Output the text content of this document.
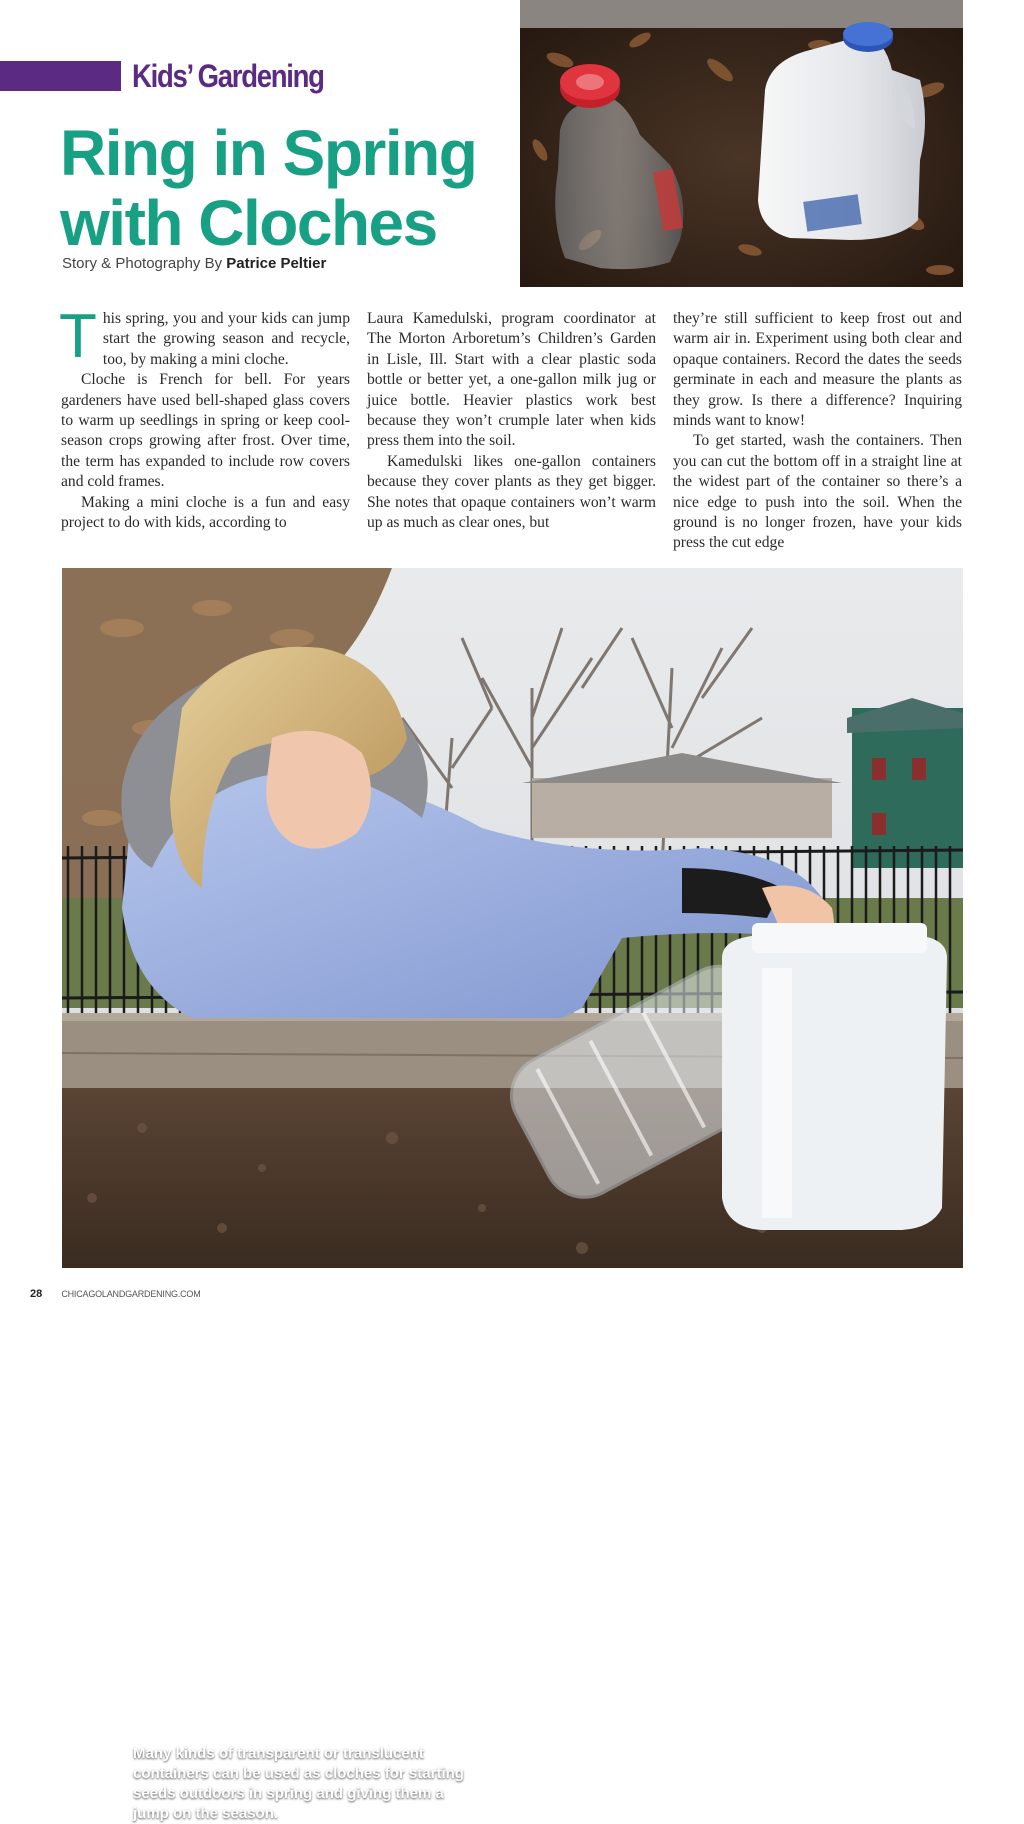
Kids’ Gardening
Ring in Spring
with Cloches
Story & Photography By Patrice Peltier

This spring, you and your kids can jump start the growing season and recycle, too, by making a mini cloche.

Cloche is French for bell. For years gardeners have used bell-shaped glass covers to warm up seedlings in spring or keep cool-season crops growing after frost. Over time, the term has expanded to include row covers and cold frames.

Making a mini cloche is a fun and easy project to do with kids, according to

Laura Kamedulski, program coordinator at The Morton Arboretum’s Children’s Garden in Lisle, Ill. Start with a clear plastic soda bottle or better yet, a one-gallon milk jug or juice bottle. Heavier plastics work best because they won’t crumple later when kids press them into the soil.

Kamedulski likes one-gallon containers because they cover plants as they get bigger. She notes that opaque containers won’t warm up as much as clear ones, but

they’re still sufficient to keep frost out and warm air in. Experiment using both clear and opaque containers. Record the dates the seeds germinate in each and measure the plants as they grow. Is there a difference? Inquiring minds want to know!

To get started, wash the containers. Then you can cut the bottom off in a straight line at the widest part of the container so there’s a nice edge to push into the soil. When the ground is no longer frozen, have your kids press the cut edge

Many kinds of transparent or translucent containers can be used as cloches for starting seeds outdoors in spring and giving them a jump on the season.

28 CHICAGOLANDGARDENING.COM
